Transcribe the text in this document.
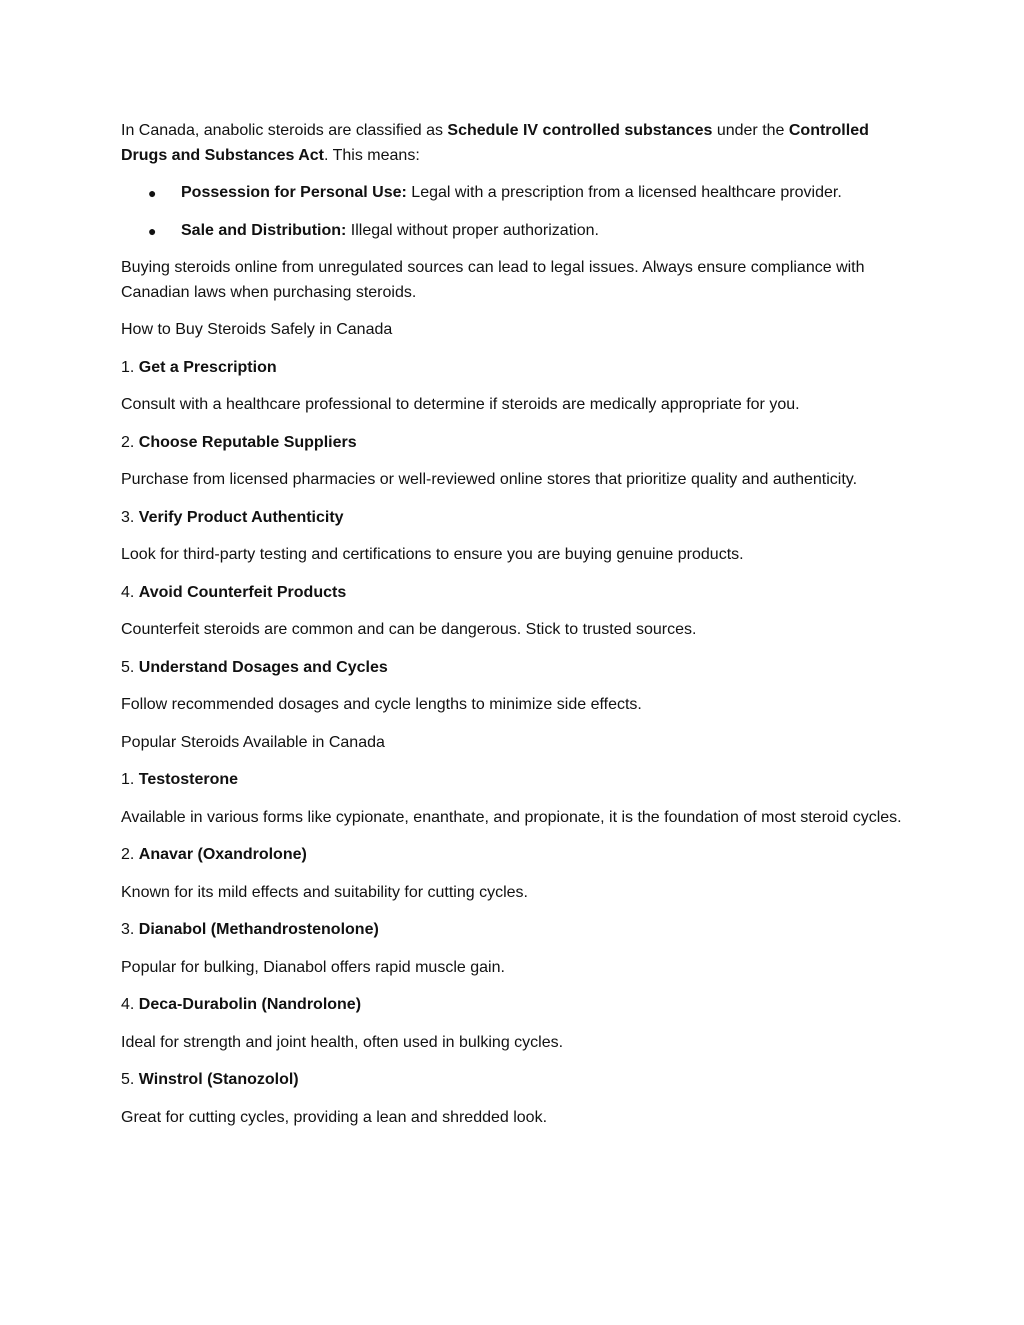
In Canada, anabolic steroids are classified as Schedule IV controlled substances under the Controlled Drugs and Substances Act. This means:

● Possession for Personal Use: Legal with a prescription from a licensed healthcare provider.
● Sale and Distribution: Illegal without proper authorization.

Buying steroids online from unregulated sources can lead to legal issues. Always ensure compliance with Canadian laws when purchasing steroids.

How to Buy Steroids Safely in Canada

1. Get a Prescription

Consult with a healthcare professional to determine if steroids are medically appropriate for you.

2. Choose Reputable Suppliers

Purchase from licensed pharmacies or well-reviewed online stores that prioritize quality and authenticity.

3. Verify Product Authenticity

Look for third-party testing and certifications to ensure you are buying genuine products.

4. Avoid Counterfeit Products

Counterfeit steroids are common and can be dangerous. Stick to trusted sources.

5. Understand Dosages and Cycles

Follow recommended dosages and cycle lengths to minimize side effects.

Popular Steroids Available in Canada

1. Testosterone

Available in various forms like cypionate, enanthate, and propionate, it is the foundation of most steroid cycles.

2. Anavar (Oxandrolone)

Known for its mild effects and suitability for cutting cycles.

3. Dianabol (Methandrostenolone)

Popular for bulking, Dianabol offers rapid muscle gain.

4. Deca-Durabolin (Nandrolone)

Ideal for strength and joint health, often used in bulking cycles.

5. Winstrol (Stanozolol)

Great for cutting cycles, providing a lean and shredded look.
